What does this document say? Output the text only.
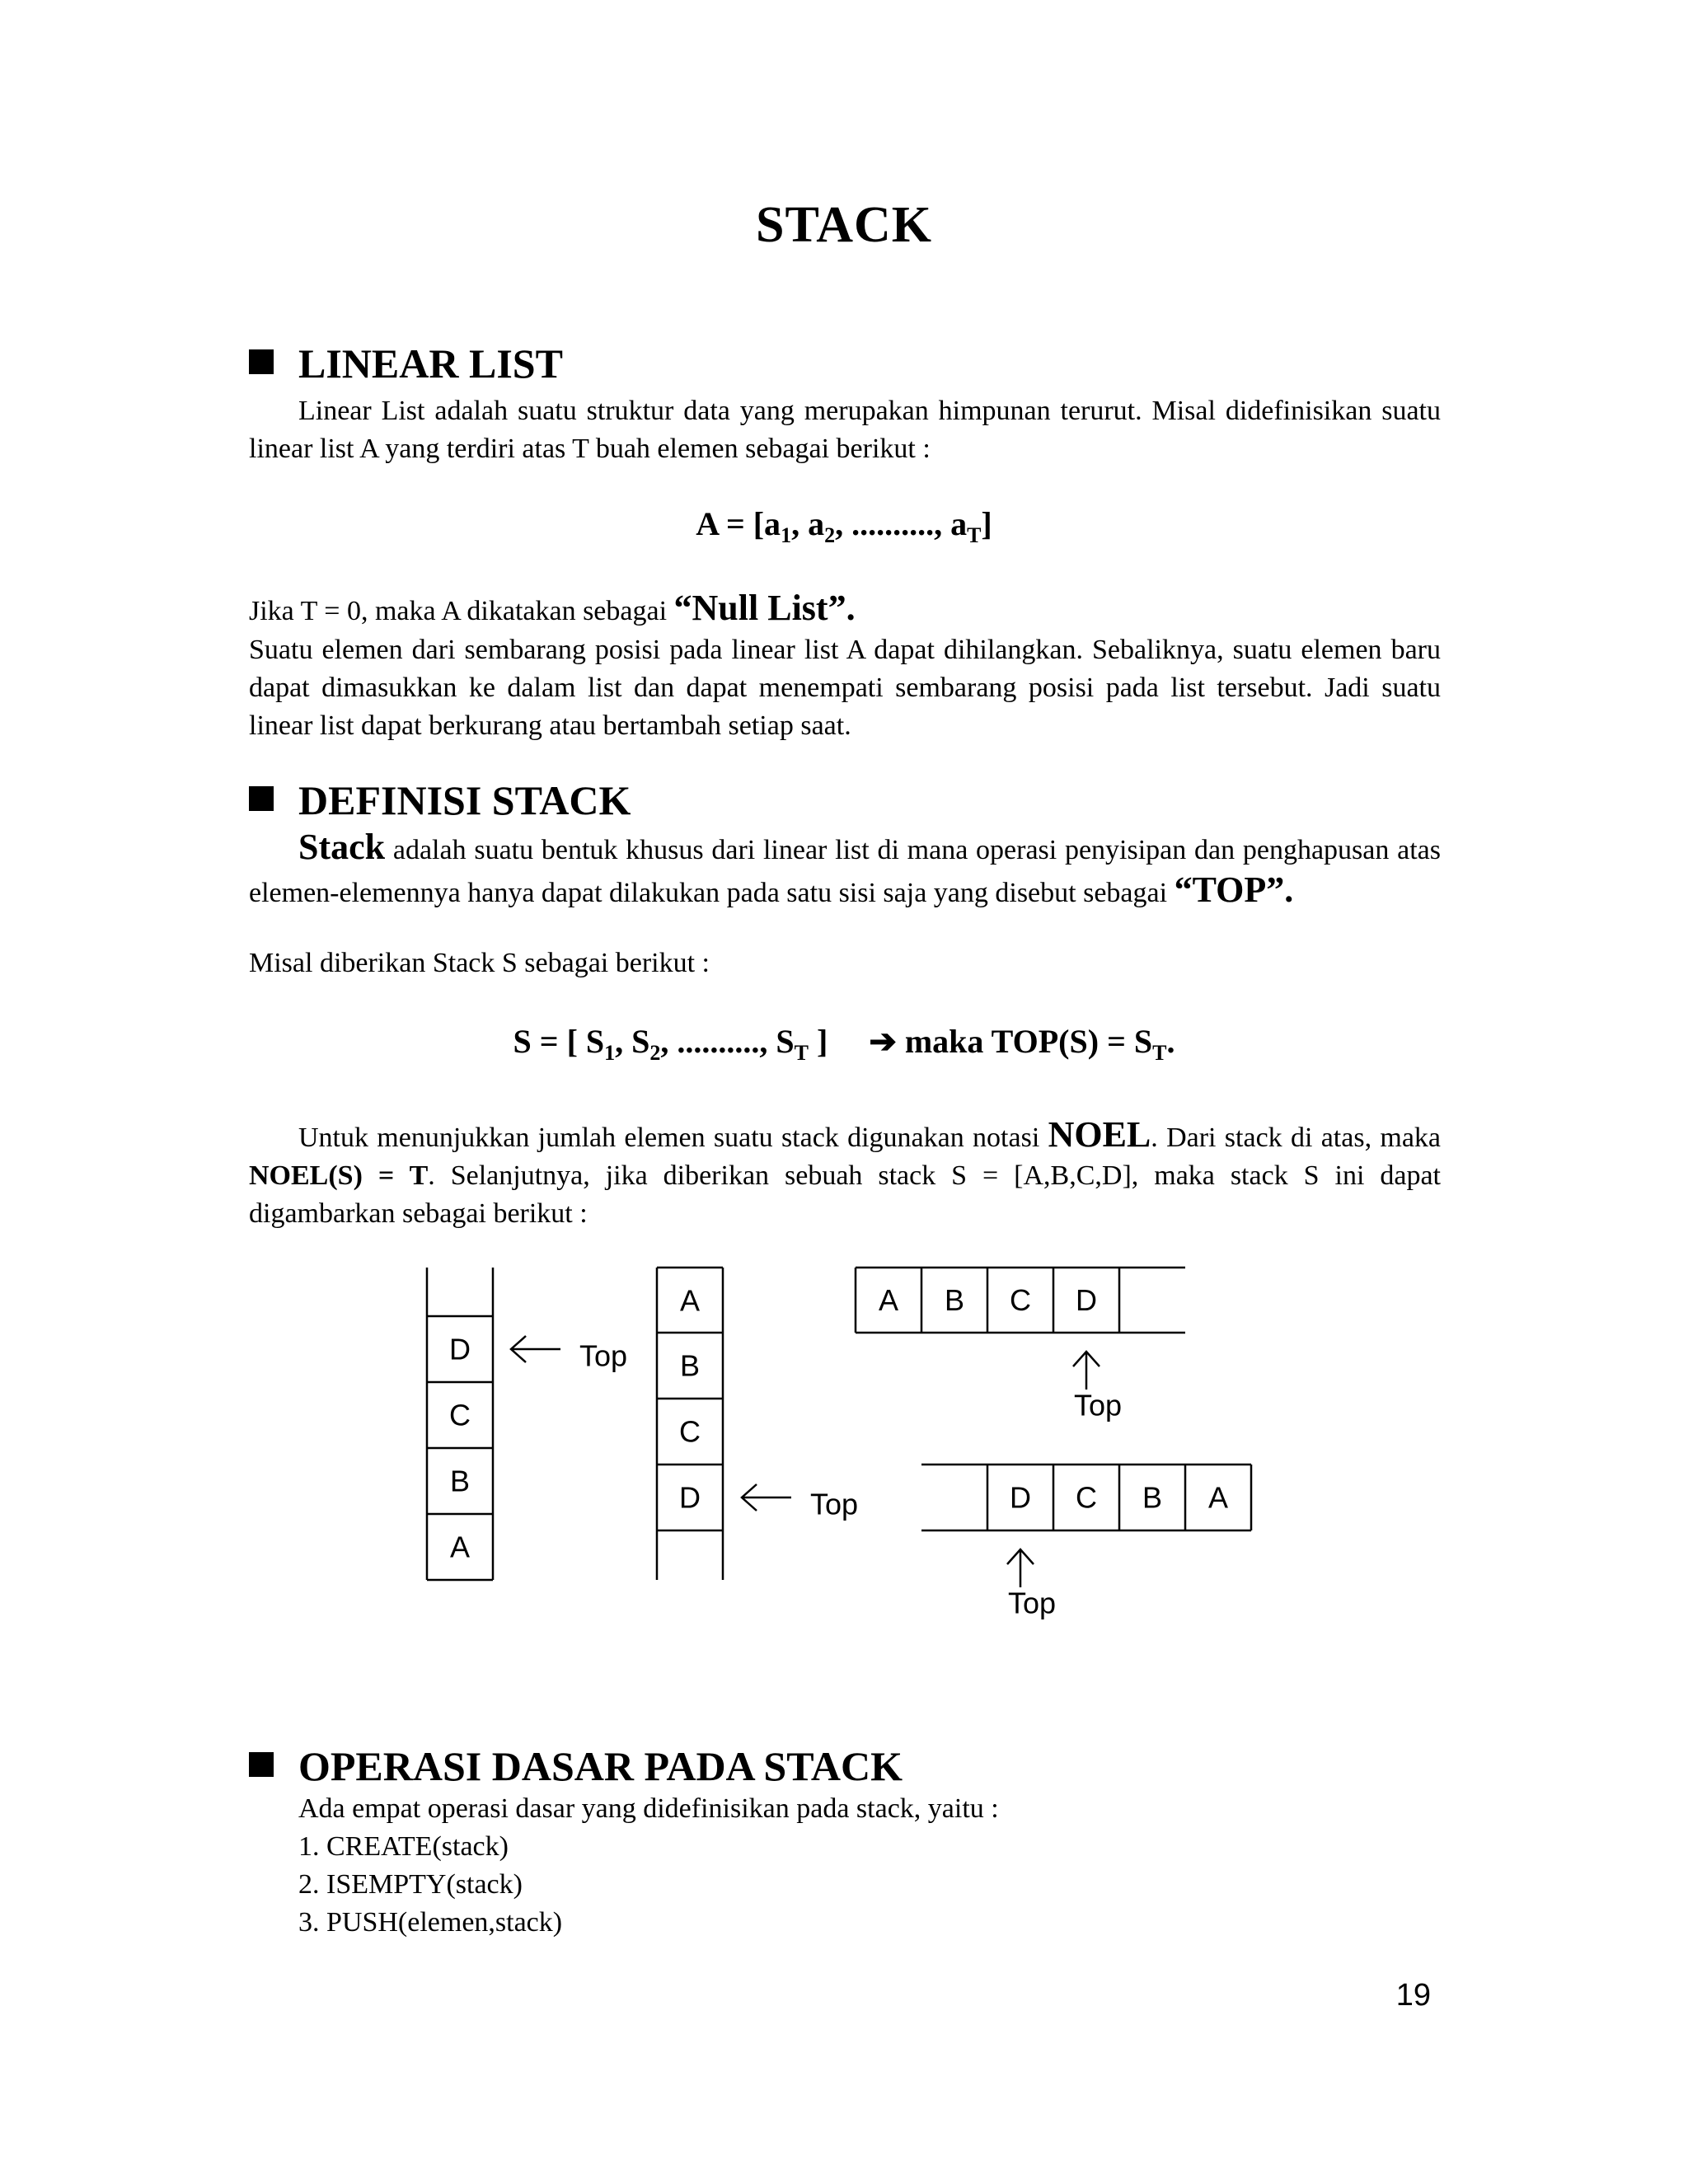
STACK
LINEAR LIST
Linear List adalah suatu struktur data yang merupakan himpunan terurut. Misal didefinisikan suatu linear list A yang terdiri atas T buah elemen sebagai berikut :
$A = [a_1$, $a_2$, .........., $a_T$]
Jika T = 0, maka A dikatakan sebagai “Null List”.
Suatu elemen dari sembarang posisi pada linear list A dapat dihilangkan. Sebaliknya, suatu elemen baru dapat dimasukkan ke dalam list dan dapat menempati sembarang posisi pada list tersebut. Jadi suatu linear list dapat berkurang atau bertambah setiap saat.
DEFINISI STACK
Stack adalah suatu bentuk khusus dari linear list di mana operasi penyisipan dan penghapusan atas elemen-elemennya hanya dapat dilakukan pada satu sisi saja yang disebut sebagai “TOP”.
Misal diberikan Stack S sebagai berikut :
S = [ $S_1$, $S_2$, .........., $S_T$ ] ➔ maka $TOP(S) = S_T$.
Untuk menunjukkan jumlah elemen suatu stack digunakan notasi NOEL. Dari stack di atas, maka NOEL(S) = T. Selanjutnya, jika diberikan sebuah stack S = [A,B,C,D], maka stack S ini dapat digambarkan sebagai berikut :
D
C
B
A
Top
A
B
C
D	Top
A B C D
Top
D C B A
Top
OPERASI DASAR PADA STACK
Ada empat operasi dasar yang didefinisikan pada stack, yaitu :
1. CREATE(stack)
2. ISEMPTY(stack)
3. PUSH(elemen,stack)
19
